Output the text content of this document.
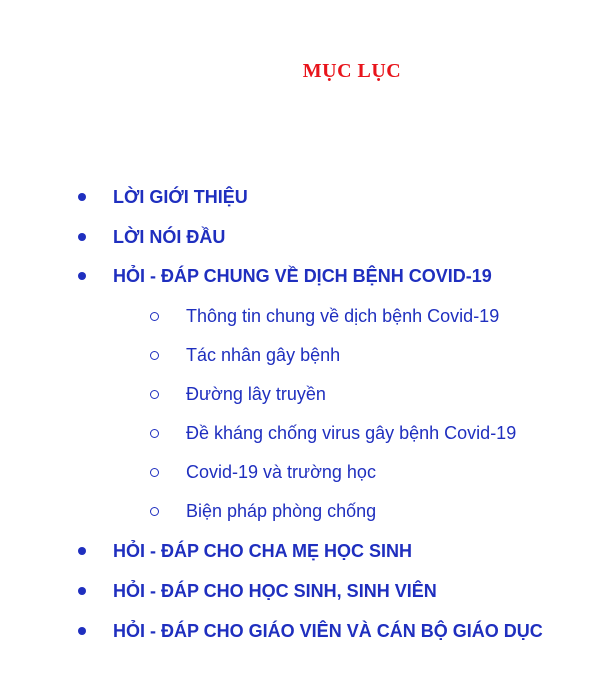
MỤC LỤC
LỜI GIỚI THIỆU
LỜI NÓI ĐẦU
HỎI - ĐÁP CHUNG VỀ DỊCH BỆNH COVID-19
Thông tin chung về dịch bệnh Covid-19
Tác nhân gây bệnh
Đường lây truyền
Đề kháng chống virus gây bệnh Covid-19
Covid-19 và trường học
Biện pháp phòng chống
HỎI - ĐÁP CHO CHA MẸ HỌC SINH
HỎI - ĐÁP CHO HỌC SINH, SINH VIÊN
HỎI - ĐÁP CHO GIÁO VIÊN VÀ CÁN BỘ GIÁO DỤC
